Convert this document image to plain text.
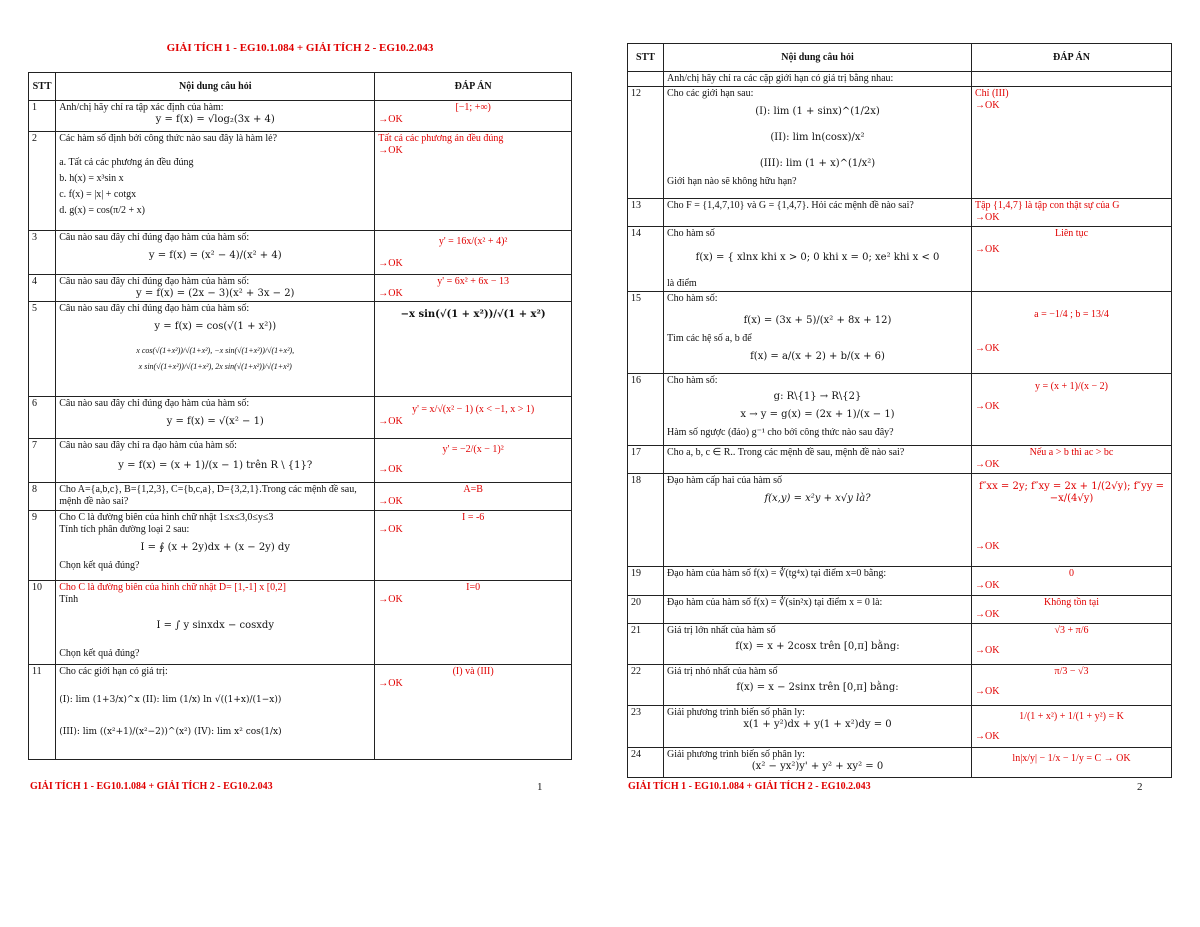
GIẢI TÍCH 1 - EG10.1.084 + GIẢI TÍCH 2 - EG10.2.043
STT	Nội dung câu hỏi	ĐÁP ÁN
1	Anh/chị hãy chỉ ra tập xác định của hàm:
y = f(x) = √log₂(3x + 4)	[−1; +∞)
→OK

2	Các hàm số định bởi công thức nào sau đây là hàm lẻ?
a. Tất cả các phương án đều đúng
b. h(x) = x³sin x
c. f(x) = |x| + cotgx
d. g(x) = cos(π/2 + x)	Tất cả các phương án đều đúng
→OK

3	Câu nào sau đây chỉ đúng đạo hàm của hàm số:
y = f(x) = (x² − 4)/(x² + 4)	y' = 16x/(x² + 4)²
→OK

4	Câu nào sau đây chỉ đúng đạo hàm của hàm số:
y = f(x) = (2x − 3)(x² + 3x − 2)	y' = 6x² + 6x − 13
→OK

5	Câu nào sau đây chỉ đúng đạo hàm của hàm số:
y = f(x) = cos(√(1 + x²))
x cos(√(1+x²))/√(1+x²), −x sin(√(1+x²))/√(1+x²),
x sin(√(1+x²))/√(1+x²), 2x sin(√(1+x²))/√(1+x²)	−x sin(√(1 + x²))/√(1 + x²)

6	Câu nào sau đây chỉ đúng đạo hàm của hàm số:
y = f(x) = √(x² − 1)	y' = x/√(x² − 1) (x < −1, x > 1)
→OK

7	Câu nào sau đây chỉ ra đạo hàm của hàm số:
y = f(x) = (x + 1)/(x − 1) trên R \ {1}?	y' = −2/(x − 1)²
→OK

8	Cho A={a,b,c}, B={1,2,3}, C={b,c,a}, D={3,2,1}.Trong các mệnh đề sau, mệnh đề nào sai?	A=B
→OK

9	Cho C là đường biên của hình chữ nhật 1≤x≤3,0≤y≤3
Tính tích phân đường loại 2 sau:
I = ∮ (x + 2y)dx + (x − 2y) dy
Chọn kết quả đúng?	I = -6
→OK

10	Cho C là đường biên của hình chữ nhật D= [1,-1] x [0,2]
Tính
I = ∫ y sinxdx − cosxdy
Chọn kết quả đúng?	I=0
→OK

11	Cho các giới hạn có giá trị:
(I): lim (1+3/x)^x (II): lim (1/x) ln √((1+x)/(1−x))
(III): lim ((x²+1)/(x²−2))^(x²) (IV): lim x² cos(1/x)	(I) và (III)
→OK
GIẢI TÍCH 1 - EG10.1.084 + GIẢI TÍCH 2 - EG10.2.043	1
STT	Nội dung câu hỏi	ĐÁP ÁN
	Anh/chị hãy chỉ ra các cặp giới hạn có giá trị bằng nhau:	
12	Cho các giới hạn sau:
(I): lim (1 + sinx)^(1/2x)
(II): lim ln(cosx)/x²
(III): lim (1 + x)^(1/x²)
Giới hạn nào sẽ không hữu hạn?	Chỉ (III)
→OK

13	Cho F = {1,4,7,10} và G = {1,4,7}. Hỏi các mệnh đề nào sai?	Tập {1,4,7} là tập con thật sự của G
→OK

14	Cho hàm số
f(x) = { xlnx khi x > 0; 0 khi x = 0; xe² khi x < 0
là điểm	Liên tục
→OK

15	Cho hàm số:
f(x) = (3x + 5)/(x² + 8x + 12)
Tìm các hệ số a, b để
f(x) = a/(x + 2) + b/(x + 6)	a = −1/4 ; b = 13/4
→OK

16	Cho hàm số:
g: R\{1} → R\{2}
x → y = g(x) = (2x + 1)/(x − 1)
Hàm số ngược (đảo) g⁻¹ cho bởi công thức nào sau đây?	y = (x + 1)/(x − 2)
→OK

17	Cho a, b, c ∈ R.. Trong các mệnh đề sau, mệnh đề nào sai?	Nếu a > b thì ac > bc
→OK

18	Đạo hàm cấp hai của hàm số
f(x,y) = x²y + x√y là?	f″xx = 2y; f″xy = 2x + 1/(2√y); f″yy = −x/(4√y)
→OK

19	Đạo hàm của hàm số f(x) = ∛(tg⁴x) tại điểm x=0 bằng:	0
→OK

20	Đạo hàm của hàm số f(x) = ∛(sin²x) tại điểm x = 0 là:	Không tồn tại
→OK

21	Giá trị lớn nhất của hàm số
f(x) = x + 2cosx trên [0,π] bằng:	√3 + π/6
→OK

22	Giá trị nhỏ nhất của hàm số
f(x) = x − 2sinx trên [0,π] bằng:	π/3 − √3
→OK

23	Giải phương trình biến số phân ly:
x(1 + y²)dx + y(1 + x²)dy = 0	1/(1 + x²) + 1/(1 + y²) = K
→OK

24	Giải phương trình biến số phân ly:
(x² − yx²)y' + y² + xy² = 0	ln|x/y| − 1/x − 1/y = C → OK
GIẢI TÍCH 1 - EG10.1.084 + GIẢI TÍCH 2 - EG10.2.043	2
